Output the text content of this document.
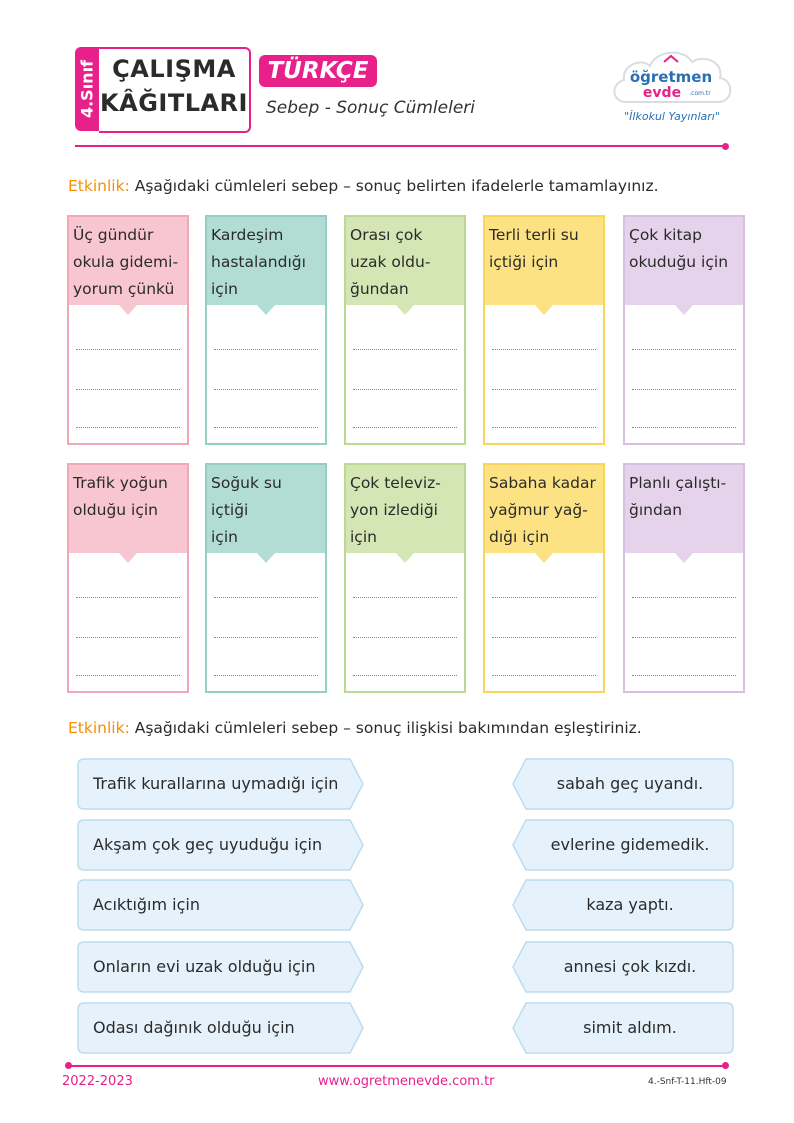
4.Sınıf ÇALIŞMA
KÂĞITLARI
TÜRKÇE
Sebep - Sonuç Cümleleri
öğretmen
evde .com.tr
"İlkokul Yayınları"
Etkinlik: Aşağıdaki cümleleri sebep – sonuç belirten ifadelerle tamamlayınız.
Üç gündür
okula gidemi-
yorum çünkü
Kardeşim
hastalandığı
için
Orası çok
uzak oldu-
ğundan
Terli terli su
içtiği için
Çok kitap
okuduğu için
Trafik yoğun
olduğu için
Soğuk su içtiği
için
Çok televiz-
yon izlediği
için
Sabaha kadar
yağmur yağ-
dığı için
Planlı çalıştı-
ğından
Etkinlik: Aşağıdaki cümleleri sebep – sonuç ilişkisi bakımından eşleştiriniz.
Trafik kurallarına uymadığı için
Akşam çok geç uyuduğu için
Acıktığım için
Onların evi uzak olduğu için
Odası dağınık olduğu için
sabah geç uyandı.
evlerine gidemedik.
kaza yaptı.
annesi çok kızdı.
simit aldım.
2022-2023	www.ogretmenevde.com.tr	4.-Snf-T-11.Hft-09
